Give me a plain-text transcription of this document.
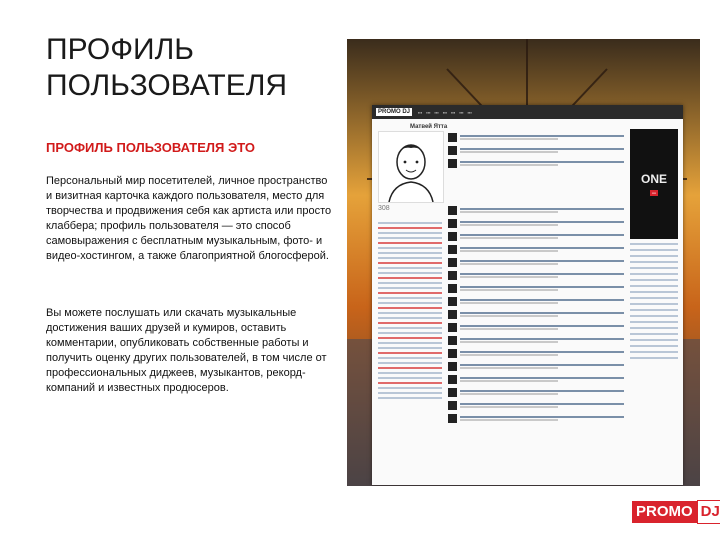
ПРОФИЛЬ ПОЛЬЗОВАТЕЛЯ
ПРОФИЛЬ ПОЛЬЗОВАТЕЛЯ ЭТО
Персональный мир посетителей, личное пространство и визитная карточка каждого пользователя, место для творчества и продвижения себя как артиста или просто клаббера; профиль пользователя — это способ самовыражения с бесплатным музыкальным, фото- и видео-хостингом, а также благоприятной блогосферой.
Вы можете послушать или скачать музыкальные достижения ваших друзей и кумиров, оставить комментарии, опубликовать собственные работы и получить оценку других пользователей, в том числе от профессиональных диджеев, музыкантов, рекорд-компаний и известных продюсеров.
PROMO DJ	▪▪▪ ▪▪▪ ▪▪▪ ▪▪▪ ▪▪▪ ▪▪▪ ▪▪▪
Матвей Ятта
308
ONE
▪▪▪▪
PROMO DJ
